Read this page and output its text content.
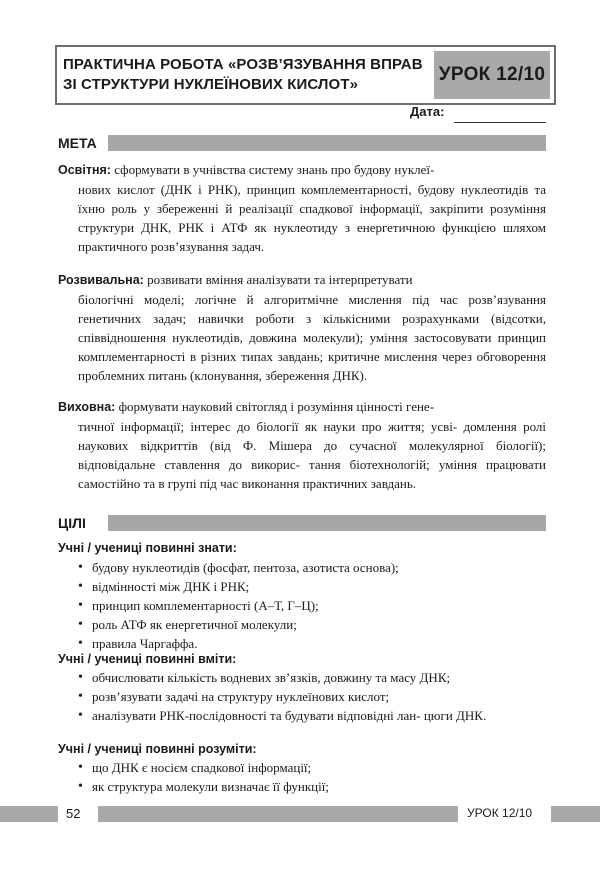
ПРАКТИЧНА РОБОТА «РОЗВ’ЯЗУВАННЯ ВПРАВ
ЗІ СТРУКТУРИ НУКЛЕЇНОВИХ КИСЛОТ»	УРОК 12/10
Дата:
МЕТА
Освітня: сформувати в учнівства систему знань про будову нуклеї-
нових кислот (ДНК і РНК), принцип комплементарності, будову нуклеотидів та їхню роль у збереженні й реалізації спадкової інформації, закріпити розуміння структури ДНК, РНК і АТФ як нуклеотиду з енергетичною функцією шляхом практичного розв’язування задач.
Розвивальна: розвивати вміння аналізувати та інтерпретувати
біологічні моделі; логічне й алгоритмічне мислення під час розв’язування генетичних задач; навички роботи з кількісними розрахунками (відсотки, співвідношення нуклеотидів, довжина молекули); уміння застосовувати принцип комплементарності в різних типах завдань; критичне мислення через обговорення проблемних питань (клонування, збереження ДНК).
Виховна: формувати науковий світогляд і розуміння цінності гене-
тичної інформації; інтерес до біології як науки про життя; усві- домлення ролі наукових відкриттів (від Ф. Мішера до сучасної молекулярної біології); відповідальне ставлення до викорис- тання біотехнологій; уміння працювати самостійно та в групі під час виконання практичних завдань.
ЦІЛІ
Учні / учениці повинні знати:
• будову нуклеотидів (фосфат, пентоза, азотиста основа);
• відмінності між ДНК і РНК;
• принцип комплементарності (А–Т, Г–Ц);
• роль АТФ як енергетичної молекули;
• правила Чаргаффа.
Учні / учениці повинні вміти:
• обчислювати кількість водневих зв’язків, довжину та масу ДНК;
• розв’язувати задачі на структуру нуклеїнових кислот;
• аналізувати РНК-послідовності та будувати відповідні лан- цюги ДНК.
Учні / учениці повинні розуміти:
• що ДНК є носієм спадкової інформації;
• як структура молекули визначає її функції;
52	УРОК 12/10
